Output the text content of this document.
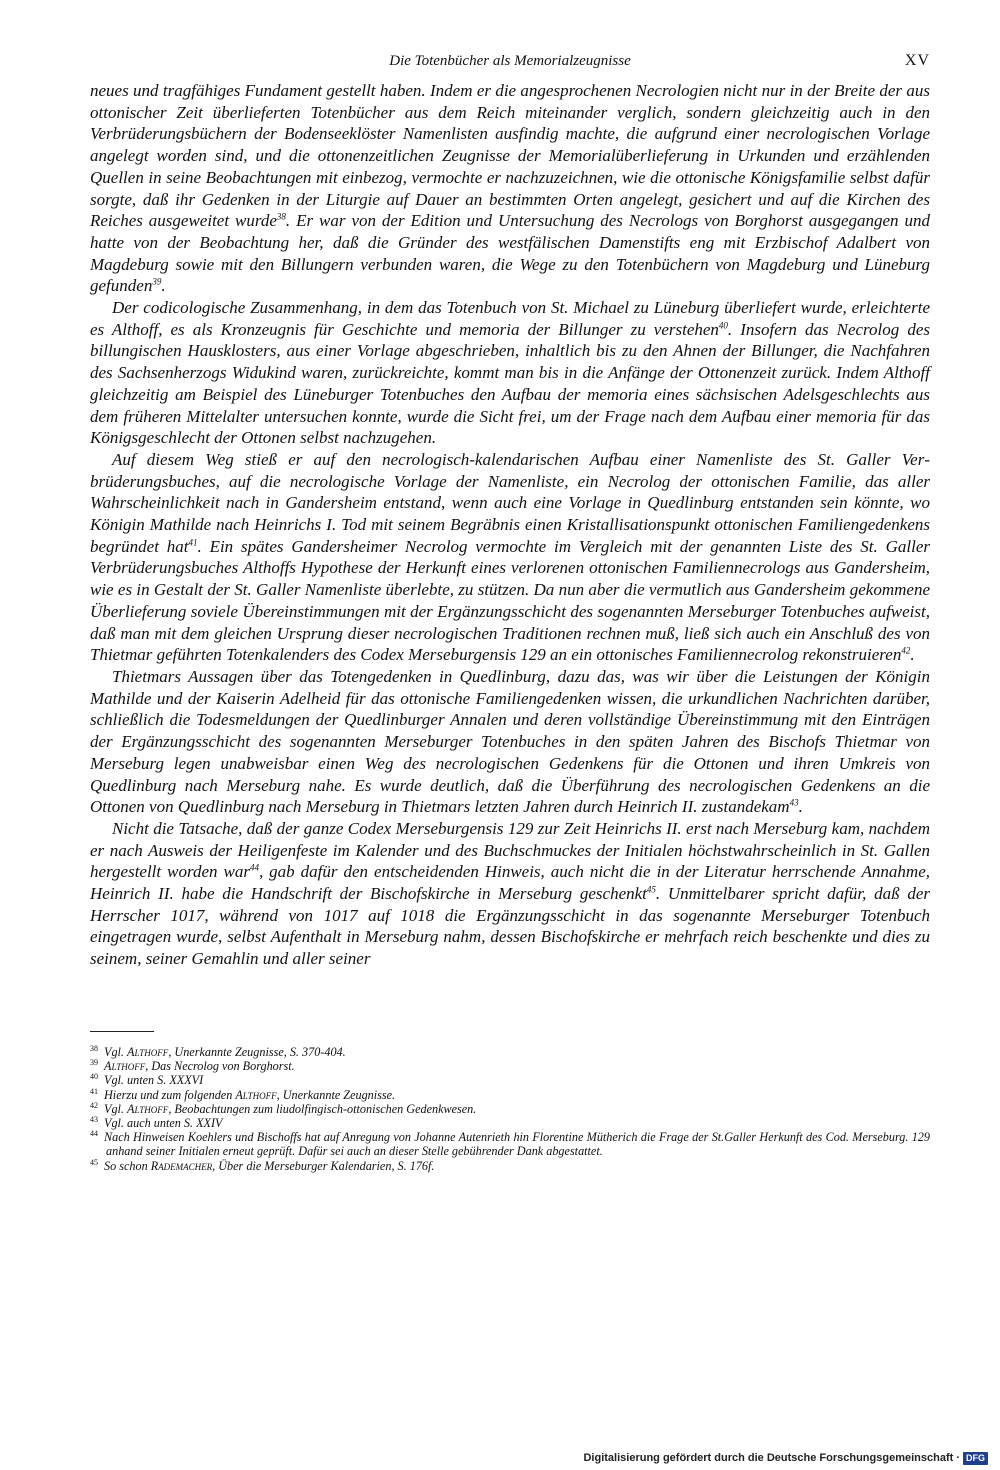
Die Totenbücher als Memorialzeugnisse	XV

neues und tragfähiges Fundament gestellt haben. Indem er die angesprochenen Necrologien nicht nur in der Breite der aus ottonischer Zeit überlieferten Totenbücher aus dem Reich miteinander verglich, sondern gleichzeitig auch in den Verbrüderungsbüchern der Bodenseeklöster Namenlisten ausfindig machte, die aufgrund einer necrologischen Vorlage angelegt worden sind, und die ottonenzeitlichen Zeugnisse der Memorialüberlieferung in Urkunden und erzählenden Quellen in seine Beobachtungen mit einbezog, vermochte er nachzuzeichnen, wie die ottonische Königsfamilie selbst dafür sorgte, daß ihr Gedenken in der Liturgie auf Dauer an bestimmten Orten angelegt, gesichert und auf die Kirchen des Reiches ausgeweitet wurde$^{38}$. Er war von der Edition und Untersuchung des Necrologs von Borghorst ausgegangen und hatte von der Beobachtung her, daß die Gründer des westfälischen Damenstifts eng mit Erzbischof Adalbert von Magdeburg sowie mit den Billungern verbunden waren, die Wege zu den Totenbüchern von Magdeburg und Lüneburg gefunden$^{39}$.

Der codicologische Zusammenhang, in dem das Totenbuch von St. Michael zu Lüneburg überliefert wurde, erleichterte es Althoff, es als Kronzeugnis für Geschichte und memoria der Billunger zu verstehen$^{40}$. Insofern das Necrolog des billungischen Hausklosters, aus einer Vorlage abgeschrieben, inhaltlich bis zu den Ahnen der Billunger, die Nachfahren des Sachsenherzogs Widukind waren, zurückreichte, kommt man bis in die Anfänge der Ottonenzeit zurück. Indem Althoff gleichzeitig am Beispiel des Lüneburger Totenbuches den Aufbau der memoria eines sächsischen Adelsgeschlechts aus dem früheren Mittelalter untersuchen konnte, wurde die Sicht frei, um der Frage nach dem Aufbau einer memoria für das Königsgeschlecht der Ottonen selbst nachzugehen.

Auf diesem Weg stieß er auf den necrologisch-kalendarischen Aufbau einer Namenliste des St. Galler Verbrüderungsbuches, auf die necrologische Vorlage der Namenliste, ein Necrolog der ottonischen Familie, das aller Wahrscheinlichkeit nach in Gandersheim entstand, wenn auch eine Vorlage in Quedlinburg entstanden sein könnte, wo Königin Mathilde nach Heinrichs I. Tod mit seinem Begräbnis einen Kristallisationspunkt ottonischen Familiengedenkens begründet hat$^{41}$. Ein spätes Gandersheimer Necrolog vermochte im Vergleich mit der genannten Liste des St. Galler Verbrüderungsbuches Althoffs Hypothese der Herkunft eines verlorenen ottonischen Familiennecrologs aus Gandersheim, wie es in Gestalt der St. Galler Namenliste überlebte, zu stützen. Da nun aber die vermutlich aus Gandersheim gekommene Überlieferung soviele Übereinstimmungen mit der Ergänzungsschicht des sogenannten Merseburger Totenbuches aufweist, daß man mit dem gleichen Ursprung dieser necrologischen Traditionen rechnen muß, ließ sich auch ein Anschluß des von Thietmar geführten Totenkalenders des Codex Merseburgensis 129 an ein ottonisches Familiennecrolog rekonstruieren$^{42}$.

Thietmars Aussagen über das Totengedenken in Quedlinburg, dazu das, was wir über die Leistungen der Königin Mathilde und der Kaiserin Adelheid für das ottonische Familiengedenken wissen, die urkundlichen Nachrichten darüber, schließlich die Todesmeldungen der Quedlinburger Annalen und deren vollständige Übereinstimmung mit den Einträgen der Ergänzungsschicht des sogenannten Merseburger Totenbuches in den späten Jahren des Bischofs Thietmar von Merseburg legen unabweisbar einen Weg des necrologischen Gedenkens für die Ottonen und ihren Umkreis von Quedlinburg nach Merseburg nahe. Es wurde deutlich, daß die Überführung des necrologischen Gedenkens an die Ottonen von Quedlinburg nach Merseburg in Thietmars letzten Jahren durch Heinrich II. zustandekam$^{43}$.

Nicht die Tatsache, daß der ganze Codex Merseburgensis 129 zur Zeit Heinrichs II. erst nach Merseburg kam, nachdem er nach Ausweis der Heiligenfeste im Kalender und des Buchschmuckes der Initialen höchstwahrscheinlich in St. Gallen hergestellt worden war$^{44}$, gab dafür den entscheidenden Hinweis, auch nicht die in der Literatur herrschende Annahme, Heinrich II. habe die Handschrift der Bischofskirche in Merseburg geschenkt$^{45}$. Unmittelbarer spricht dafür, daß der Herrscher 1017, während von 1017 auf 1018 die Ergänzungsschicht in das sogenannte Merseburger Totenbuch eingetragen wurde, selbst Aufenthalt in Merseburg nahm, dessen Bischofskirche er mehrfach reich beschenkte und dies zu seinem, seiner Gemahlin und aller seiner

38 Vgl. Althoff, Unerkannte Zeugnisse, S. 370-404.

39 Althoff, Das Necrolog von Borghorst.

40 Vgl. unten S. XXXVI

41 Hierzu und zum folgenden Althoff, Unerkannte Zeugnisse.

42 Vgl. Althoff, Beobachtungen zum liudolfingisch-ottonischen Gedenkwesen.

43 Vgl. auch unten S. XXIV

44 Nach Hinweisen Koehlers und Bischoffs hat auf Anregung von Johanne Autenrieth hin Florentine Mütherich die Frage der St.Galler Herkunft des Cod. Merseburg. 129 anhand seiner Initialen erneut geprüft. Dafür sei auch an dieser Stelle gebührender Dank abgestattet.

45 So schon Rademacher, Über die Merseburger Kalendarien, S. 176f.

Digitalisierung gefördert durch die Deutsche Forschungsgemeinschaft · DFG
